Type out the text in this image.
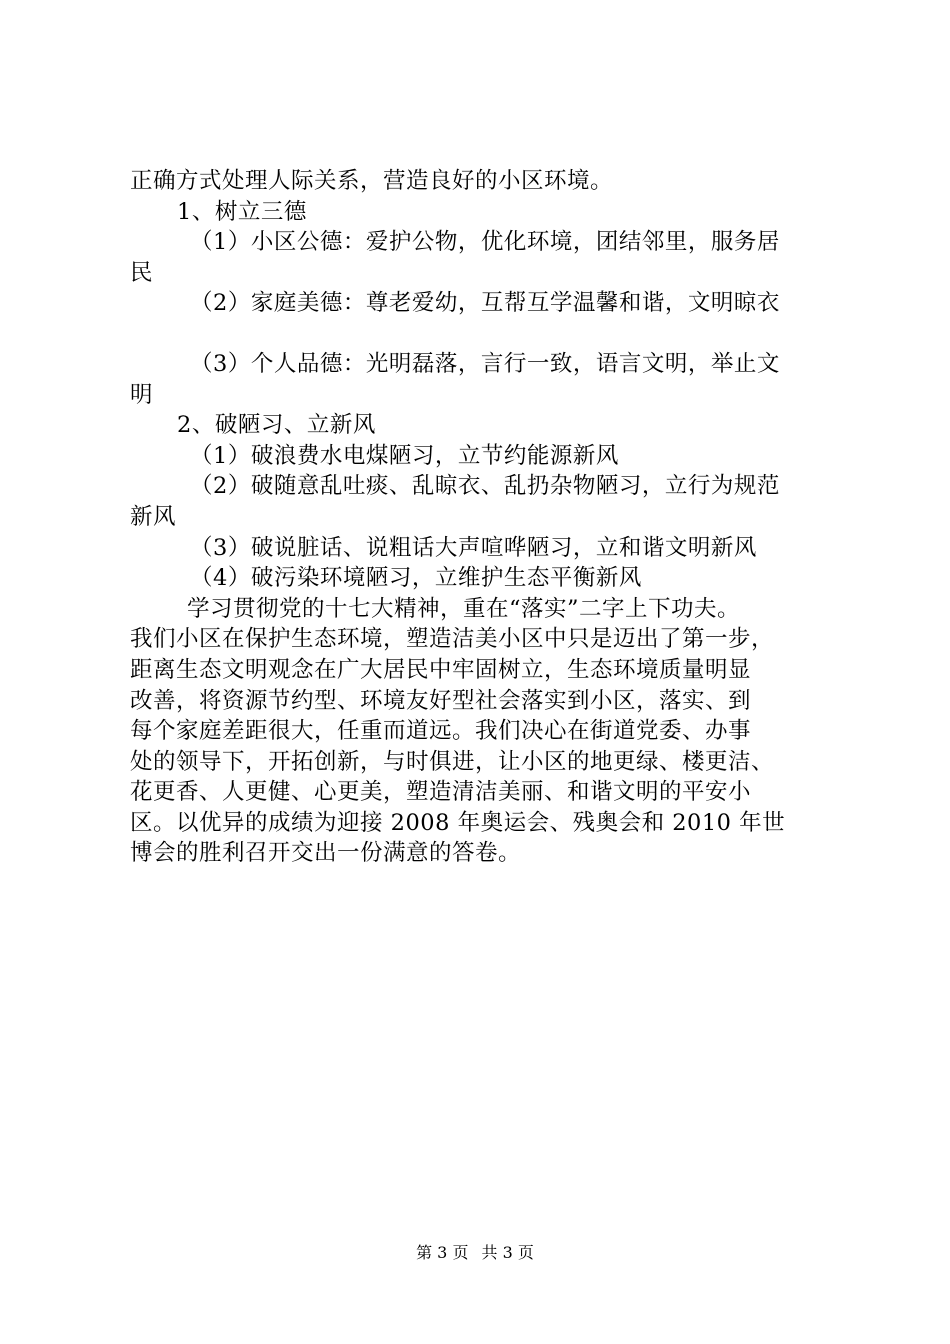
正确方式处理人际关系，营造良好的小区环境。
1、树立三德
（1）小区公德：爱护公物，优化环境，团结邻里，服务居
民
（2）家庭美德：尊老爱幼，互帮互学温馨和谐，文明晾衣
（3）个人品德：光明磊落，言行一致，语言文明，举止文
明
2、破陋习、立新风
（1）破浪费水电煤陋习，立节约能源新风
（2）破随意乱吐痰、乱晾衣、乱扔杂物陋习，立行为规范
新风
（3）破说脏话、说粗话大声喧哗陋习，立和谐文明新风
（4）破污染环境陋习，立维护生态平衡新风
学习贯彻党的十七大精神，重在“落实”二字上下功夫。
我们小区在保护生态环境，塑造洁美小区中只是迈出了第一步，
距离生态文明观念在广大居民中牢固树立，生态环境质量明显
改善，将资源节约型、环境友好型社会落实到小区，落实、到
每个家庭差距很大，任重而道远。我们决心在街道党委、办事
处的领导下，开拓创新，与时俱进，让小区的地更绿、楼更洁、
花更香、人更健、心更美，塑造清洁美丽、和谐文明的平安小
区。以优异的成绩为迎接 2008 年奥运会、残奥会和 2010 年世
博会的胜利召开交出一份满意的答卷。
第 3 页 共 3 页
